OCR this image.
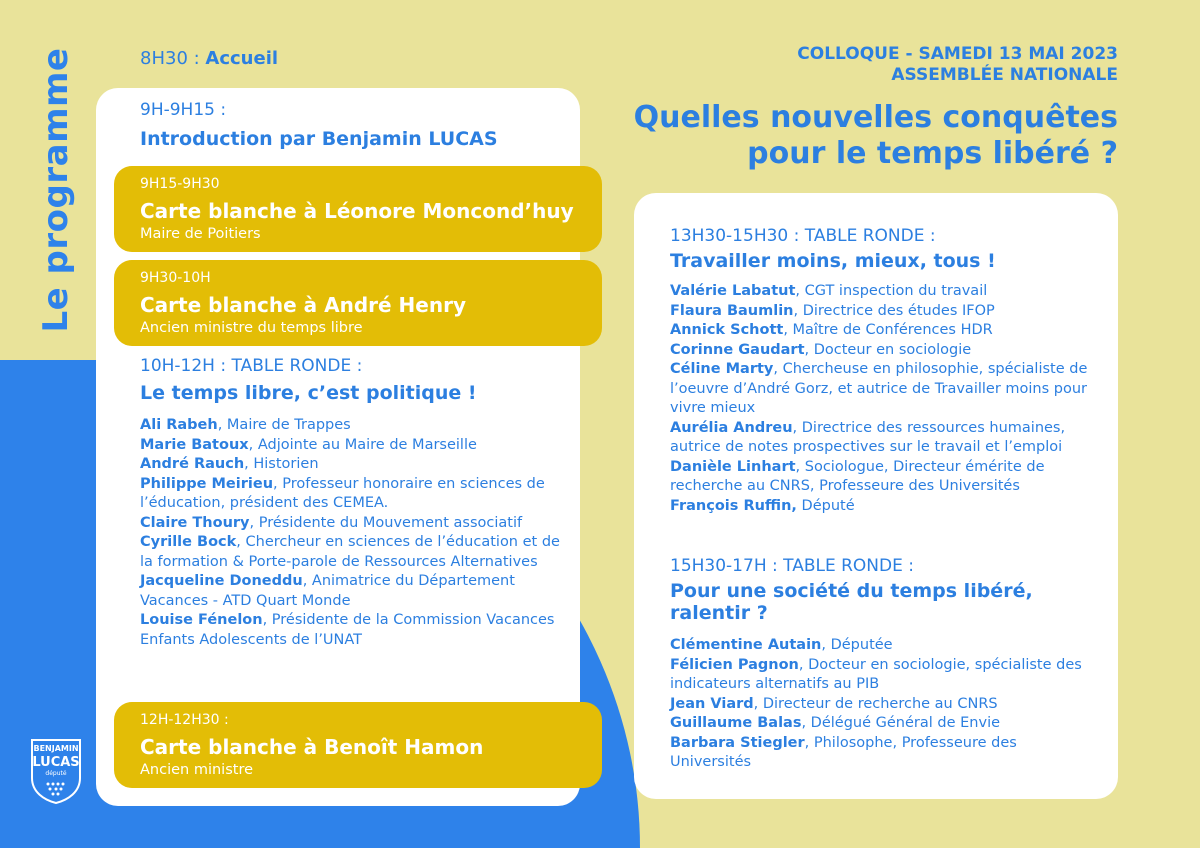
Le programme	8H30 : Accueil	COLLOQUE - SAMEDI 13 MAI 2023
ASSEMBLÉE NATIONALE
Quelles nouvelles conquêtes
pour le temps libéré ?
9H-9H15 :
Introduction par Benjamin LUCAS
9H15-9H30
Carte blanche à Léonore Moncond’huy
Maire de Poitiers
9H30-10H
Carte blanche à André Henry
Ancien ministre du temps libre
10H-12H : TABLE RONDE :
Le temps libre, c’est politique !

Ali Rabeh, Maire de Trappes

Marie Batoux, Adjointe au Maire de Marseille

André Rauch, Historien

Philippe Meirieu, Professeur honoraire en sciences de l’éducation, président des CEMEA.

Claire Thoury, Présidente du Mouvement associatif

Cyrille Bock, Chercheur en sciences de l’éducation et de la formation & Porte-parole de Ressources Alternatives

Jacqueline Doneddu, Animatrice du Département Vacances - ATD Quart Monde

Louise Fénelon, Présidente de la Commission Vacances Enfants Adolescents de l’UNAT

12H-12H30 :
Carte blanche à Benoît Hamon
Ancien ministre
13H30-15H30 : TABLE RONDE :
Travailler moins, mieux, tous !

Valérie Labatut, CGT inspection du travail

Flaura Baumlin, Directrice des études IFOP

Annick Schott, Maître de Conférences HDR

Corinne Gaudart, Docteur en sociologie

Céline Marty, Chercheuse en philosophie, spécialiste de l’oeuvre d’André Gorz, et autrice de Travailler moins pour vivre mieux

Aurélia Andreu, Directrice des ressources humaines, autrice de notes prospectives sur le travail et l’emploi

Danièle Linhart, Sociologue, Directeur émérite de recherche au CNRS, Professeure des Universités

François Ruffin, Député

15H30-17H : TABLE RONDE :
Pour une société du temps libéré,
ralentir ?

Clémentine Autain, Députée

Félicien Pagnon, Docteur en sociologie, spécialiste des indicateurs alternatifs au PIB

Jean Viard, Directeur de recherche au CNRS

Guillaume Balas, Délégué Général de Envie

Barbara Stiegler, Philosophe, Professeure des Universités

BENJAMIN
LUCAS
député
